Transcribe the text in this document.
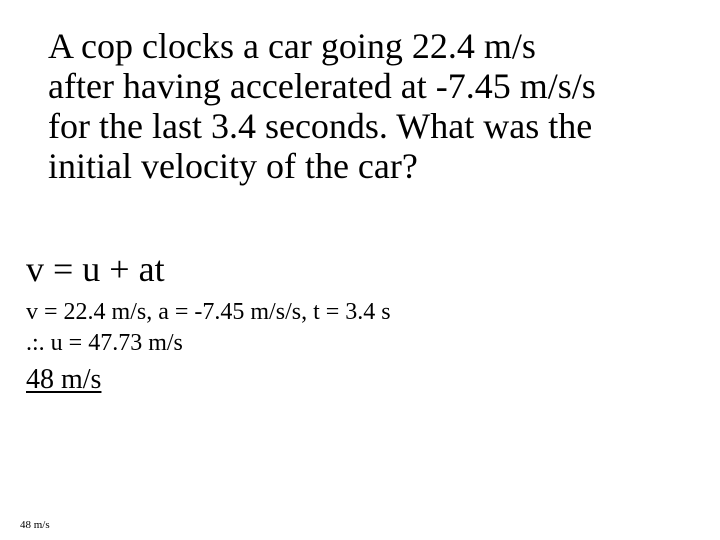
A cop clocks a car going 22.4 m/s
after having accelerated at -7.45 m/s/s
for the last 3.4 seconds. What was the
initial velocity of the car?
v = u + at
v = 22.4 m/s, a = -7.45 m/s/s, t = 3.4 s
.:. u = 47.73 m/s
48 m/s
48 m/s
